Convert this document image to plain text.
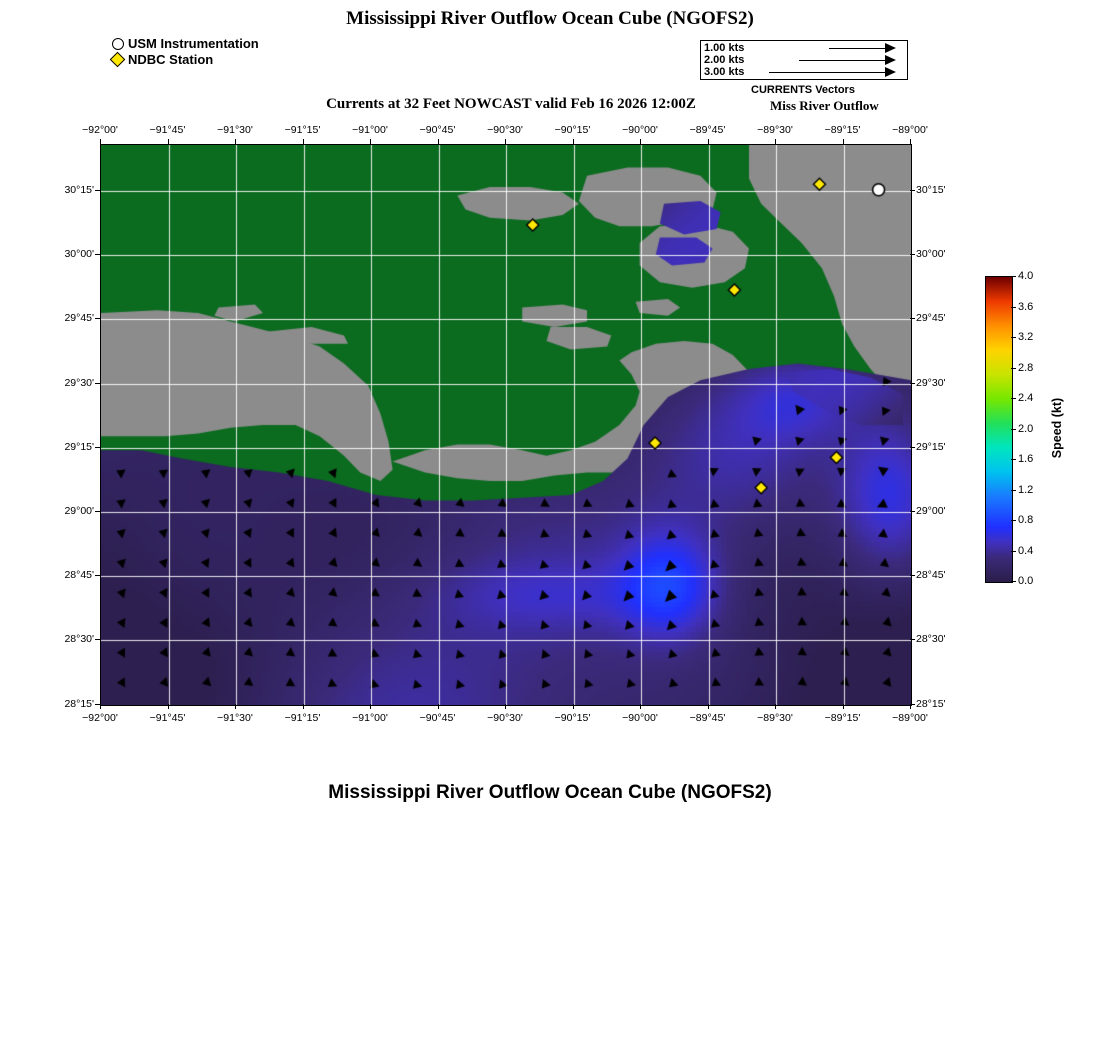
Mississippi River Outflow Ocean Cube (NGOFS2)
Currents at 32 Feet NOWCAST valid Feb 16 2026 12:00Z	Miss River Outflow
Mississippi River Outflow Ocean Cube (NGOFS2)
USM Instrumentation
NDBC Station
1.00 kts
2.00 kts
3.00 kts
CURRENTS Vectors
−92°00'
−92°00'
−91°45'
−91°45'
−91°30'
−91°30'
−91°15'
−91°15'
−91°00'
−91°00'
−90°45'
−90°45'
−90°30'
−90°30'
−90°15'
−90°15'
−90°00'
−90°00'
−89°45'
−89°45'
−89°30'
−89°30'
−89°15'
−89°15'
−89°00'
−89°00'
30°15'	30°15'
30°00'	30°00'
29°45'	29°45'
29°30'	29°30'
29°15'	29°15'
29°00'	29°00'
28°45'	28°45'
28°30'	28°30'
28°15'	28°15'
Speed (kt)
4.0
3.6
3.2
2.8
2.4
2.0
1.6
1.2
0.8
0.4
0.0
